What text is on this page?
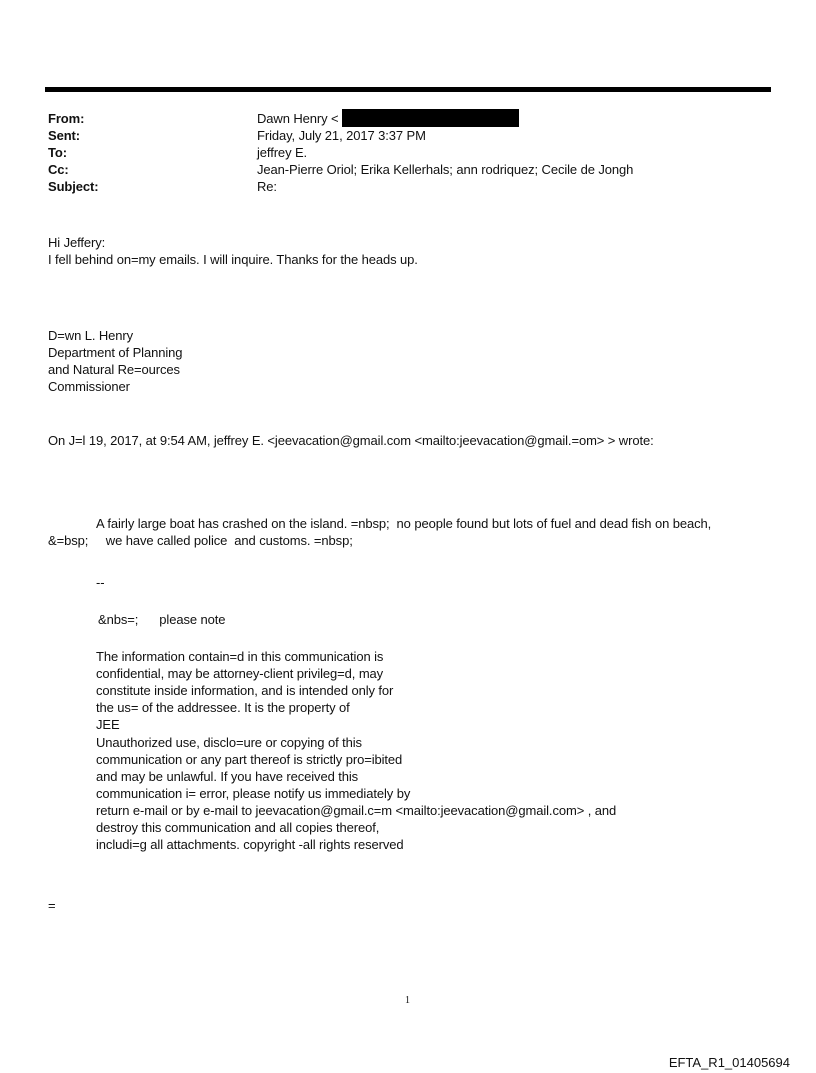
From:	Dawn Henry <
Sent:	Friday, July 21, 2017 3:37 PM
To:	jeffrey E.
Cc:	Jean-Pierre Oriol; Erika Kellerhals; ann rodriquez; Cecile de Jongh
Subject:	Re:
Hi Jeffery:
I fell behind on=my emails. I will inquire. Thanks for the heads up.
D=wn L. Henry
Department of Planning
and Natural Re=ources
Commissioner
On J=l 19, 2017, at 9:54 AM, jeffrey E. <jeevacation@gmail.com <mailto:jeevacation@gmail.=om> > wrote:
A fairly large boat has crashed on the island. =nbsp;  no people found but lots of fuel and dead fish on beach,
&=bsp;     we have called police  and customs. =nbsp;
--
&nbs=;      please note
The information contain=d in this communication is
confidential, may be attorney-client privileg=d, may
constitute inside information, and is intended only for
the us= of the addressee. It is the property of
JEE
Unauthorized use, disclo=ure or copying of this
communication or any part thereof is strictly pro=ibited
and may be unlawful. If you have received this
communication i= error, please notify us immediately by
return e-mail or by e-mail to jeevacation@gmail.c=m <mailto:jeevacation@gmail.com> , and
destroy this communication and all copies thereof,
includi=g all attachments. copyright -all rights reserved
=
1
EFTA_R1_01405694
